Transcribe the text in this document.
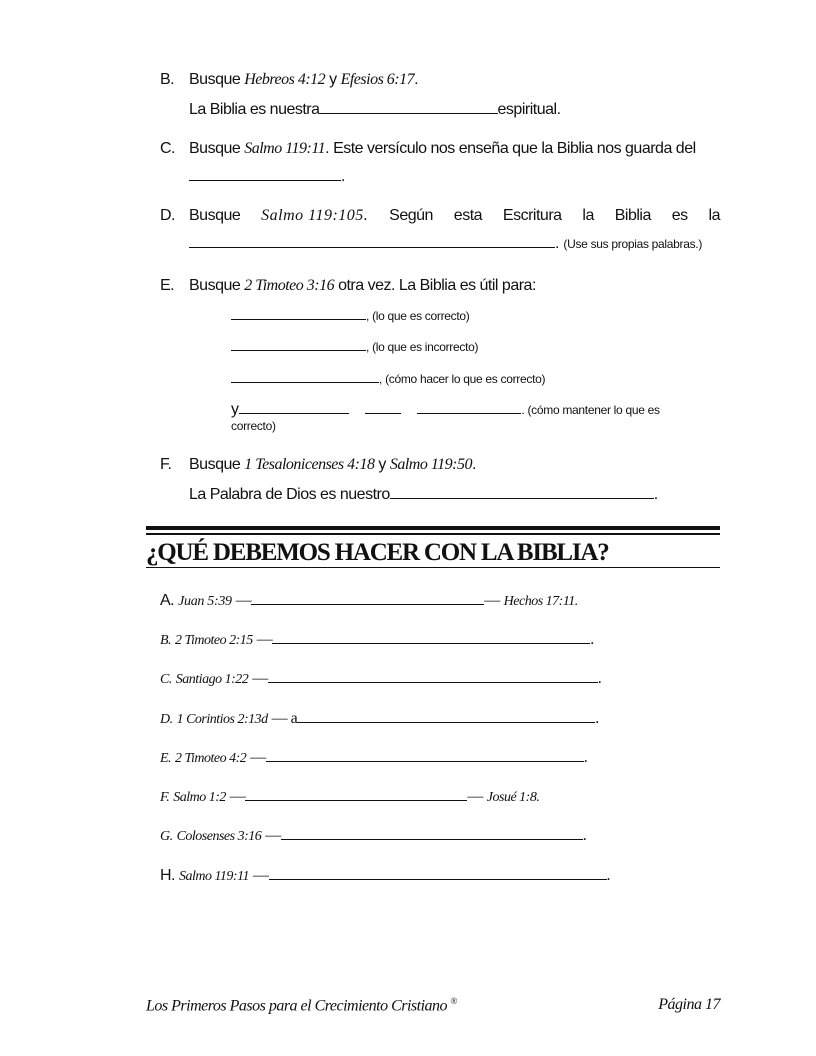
B. Busque Hebreos 4:12 y Efesios 6:17.
La Biblia es nuestra	espiritual.
C. Busque Salmo 119:11. Este versículo nos enseña que la Biblia nos guarda del
.
D. Busque Salmo 119:105. Según esta Escritura la Biblia es la
. (Use sus propias palabras.)
E. Busque 2 Timoteo 3:16 otra vez. La Biblia es útil para:
, (lo que es correcto)
, (lo que es incorrecto)
, (cómo hacer lo que es correcto)
y	. (cómo mantener lo que es
correcto)
F. Busque 1 Tesalonicenses 4:18 y Salmo 119:50.
La Palabra de Dios es nuestro	.
¿QUÉ DEBEMOS HACER CON LA BIBLIA?
A. Juan 5:39 —	— Hechos 17:11.
B. 2 Timoteo 2:15 —	.
C. Santiago 1:22 —	.
D. 1 Corintios 2:13d — a	.
E. 2 Timoteo 4:2 —	.
F. Salmo 1:2 —	— Josué 1:8.
G. Colosenses 3:16 —	.
H. Salmo 119:11 —	.
Los Primeros Pasos para el Crecimiento Cristiano ®	Página 17
